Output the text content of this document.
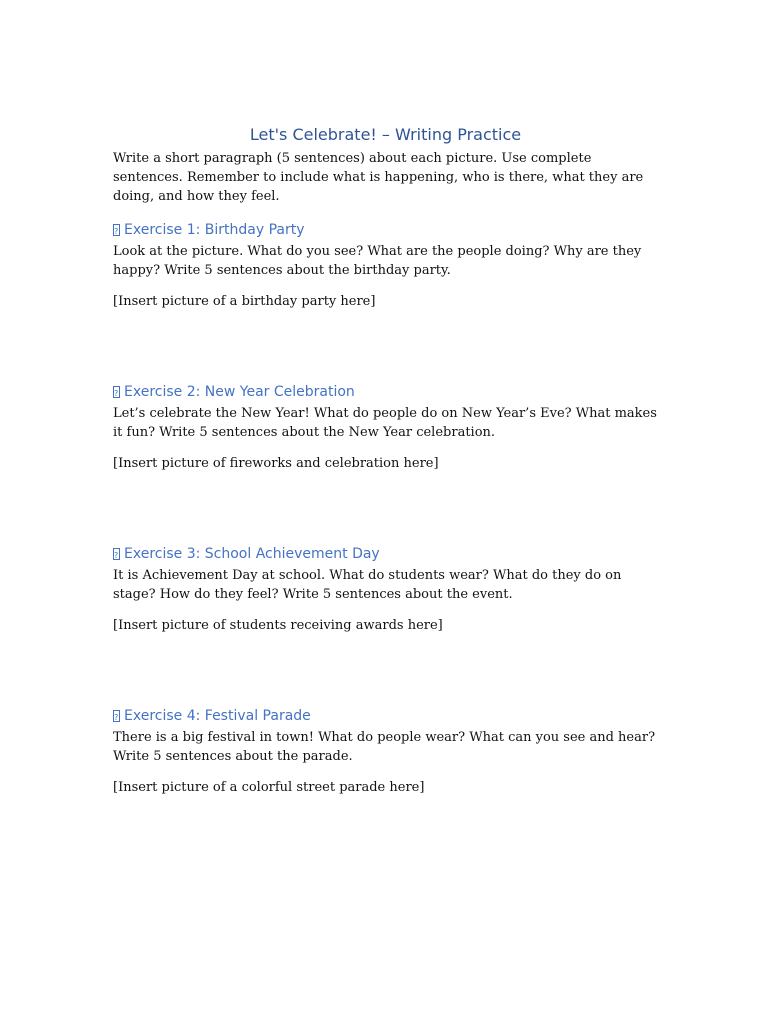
Let's Celebrate! – Writing Practice

Write a short paragraph (5 sentences) about each picture. Use complete sentences. Remember to include what is happening, who is there, what they are doing, and how they feel.

?
Exercise 1: Birthday Party

Look at the picture. What do you see? What are the people doing? Why are they happy? Write 5 sentences about the birthday party.

[Insert picture of a birthday party here]

?
Exercise 2: New Year Celebration

Let’s celebrate the New Year! What do people do on New Year’s Eve? What makes it fun? Write 5 sentences about the New Year celebration.

[Insert picture of fireworks and celebration here]

?
Exercise 3: School Achievement Day

It is Achievement Day at school. What do students wear? What do they do on stage? How do they feel? Write 5 sentences about the event.

[Insert picture of students receiving awards here]

?
Exercise 4: Festival Parade

There is a big festival in town! What do people wear? What can you see and hear? Write 5 sentences about the parade.

[Insert picture of a colorful street parade here]
